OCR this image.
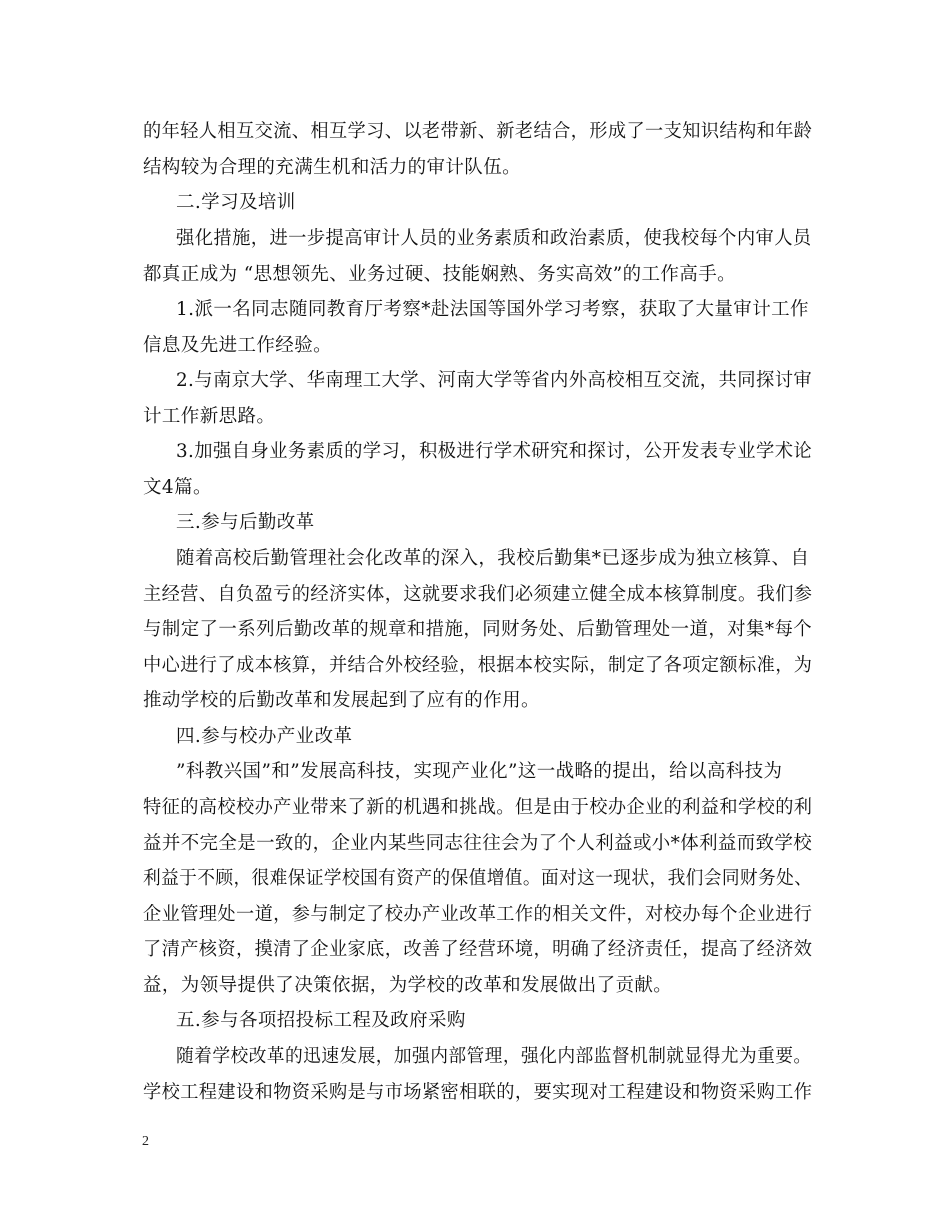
的年轻人相互交流、相互学习、以老带新、新老结合，形成了一支知识结构和年龄
结构较为合理的充满生机和活力的审计队伍。
二.学习及培训
强化措施，进一步提高审计人员的业务素质和政治素质，使我校每个内审人员
都真正成为 “思想领先、业务过硬、技能娴熟、务实高效”的工作高手。
1.派一名同志随同教育厅考察*赴法国等国外学习考察，获取了大量审计工作
信息及先进工作经验。
2.与南京大学、华南理工大学、河南大学等省内外高校相互交流，共同探讨审
计工作新思路。
3.加强自身业务素质的学习，积极进行学术研究和探讨，公开发表专业学术论
文4篇。
三.参与后勤改革
随着高校后勤管理社会化改革的深入，我校后勤集*已逐步成为独立核算、自
主经营、自负盈亏的经济实体，这就要求我们必须建立健全成本核算制度。我们参
与制定了一系列后勤改革的规章和措施，同财务处、后勤管理处一道，对集*每个
中心进行了成本核算，并结合外校经验，根据本校实际，制定了各项定额标准，为
推动学校的后勤改革和发展起到了应有的作用。
四.参与校办产业改革
”科教兴国”和”发展高科技，实现产业化”这一战略的提出，给以高科技为
特征的高校校办产业带来了新的机遇和挑战。但是由于校办企业的利益和学校的利
益并不完全是一致的，企业内某些同志往往会为了个人利益或小*体利益而致学校
利益于不顾，很难保证学校国有资产的保值增值。面对这一现状，我们会同财务处、
企业管理处一道，参与制定了校办产业改革工作的相关文件，对校办每个企业进行
了清产核资，摸清了企业家底，改善了经营环境，明确了经济责任，提高了经济效
益，为领导提供了决策依据，为学校的改革和发展做出了贡献。
五.参与各项招投标工程及政府采购
随着学校改革的迅速发展，加强内部管理，强化内部监督机制就显得尤为重要。
学校工程建设和物资采购是与市场紧密相联的，要实现对工程建设和物资采购工作
2
